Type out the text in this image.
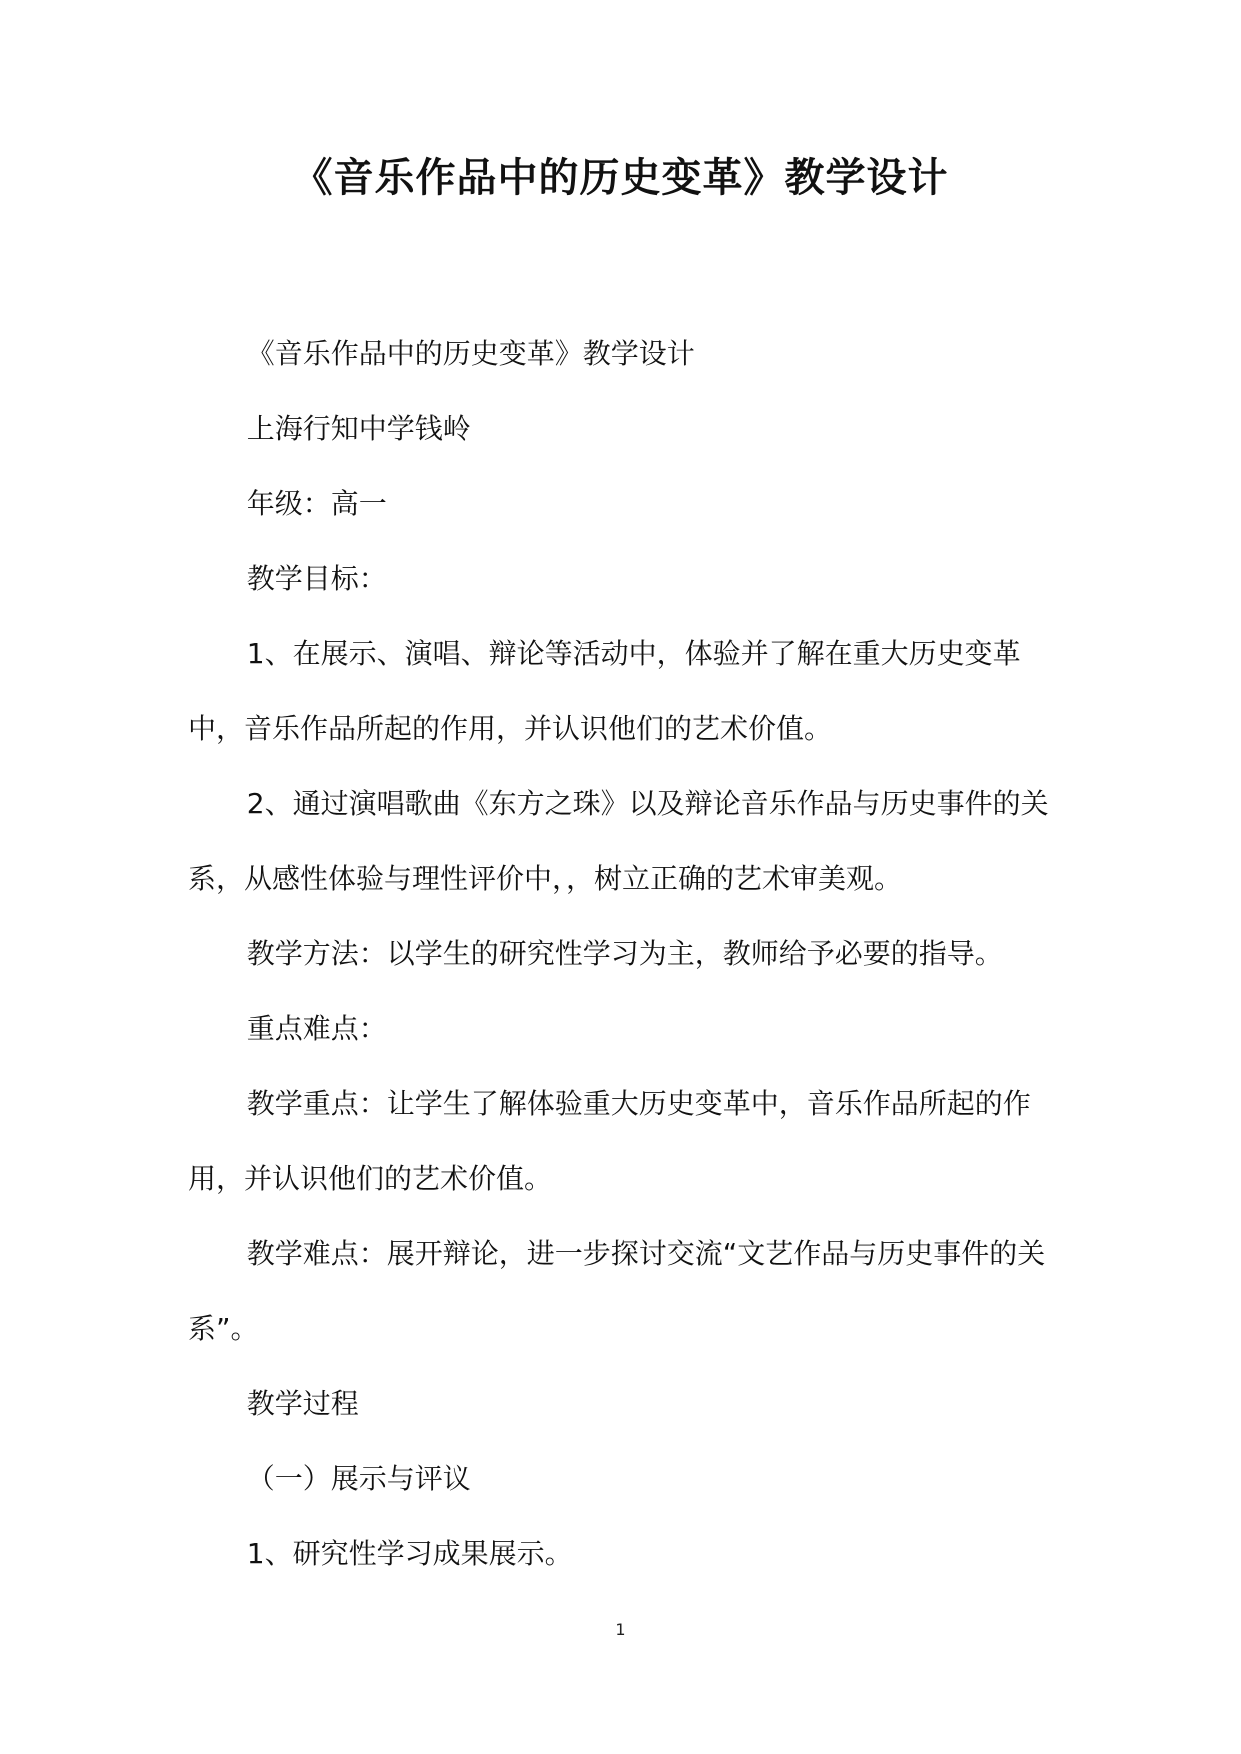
《音乐作品中的历史变革》教学设计

《音乐作品中的历史变革》教学设计

上海行知中学钱岭

年级：高一

教学目标：

1、在展示、演唱、辩论等活动中，体验并了解在重大历史变革中，音乐作品所起的作用，并认识他们的艺术价值。

2、通过演唱歌曲《东方之珠》以及辩论音乐作品与历史事件的关系，从感性体验与理性评价中，，树立正确的艺术审美观。

教学方法：以学生的研究性学习为主，教师给予必要的指导。

重点难点：

教学重点：让学生了解体验重大历史变革中，音乐作品所起的作用，并认识他们的艺术价值。

教学难点：展开辩论，进一步探讨交流“文艺作品与历史事件的关系”。

教学过程

（一）展示与评议

1、研究性学习成果展示。

1
